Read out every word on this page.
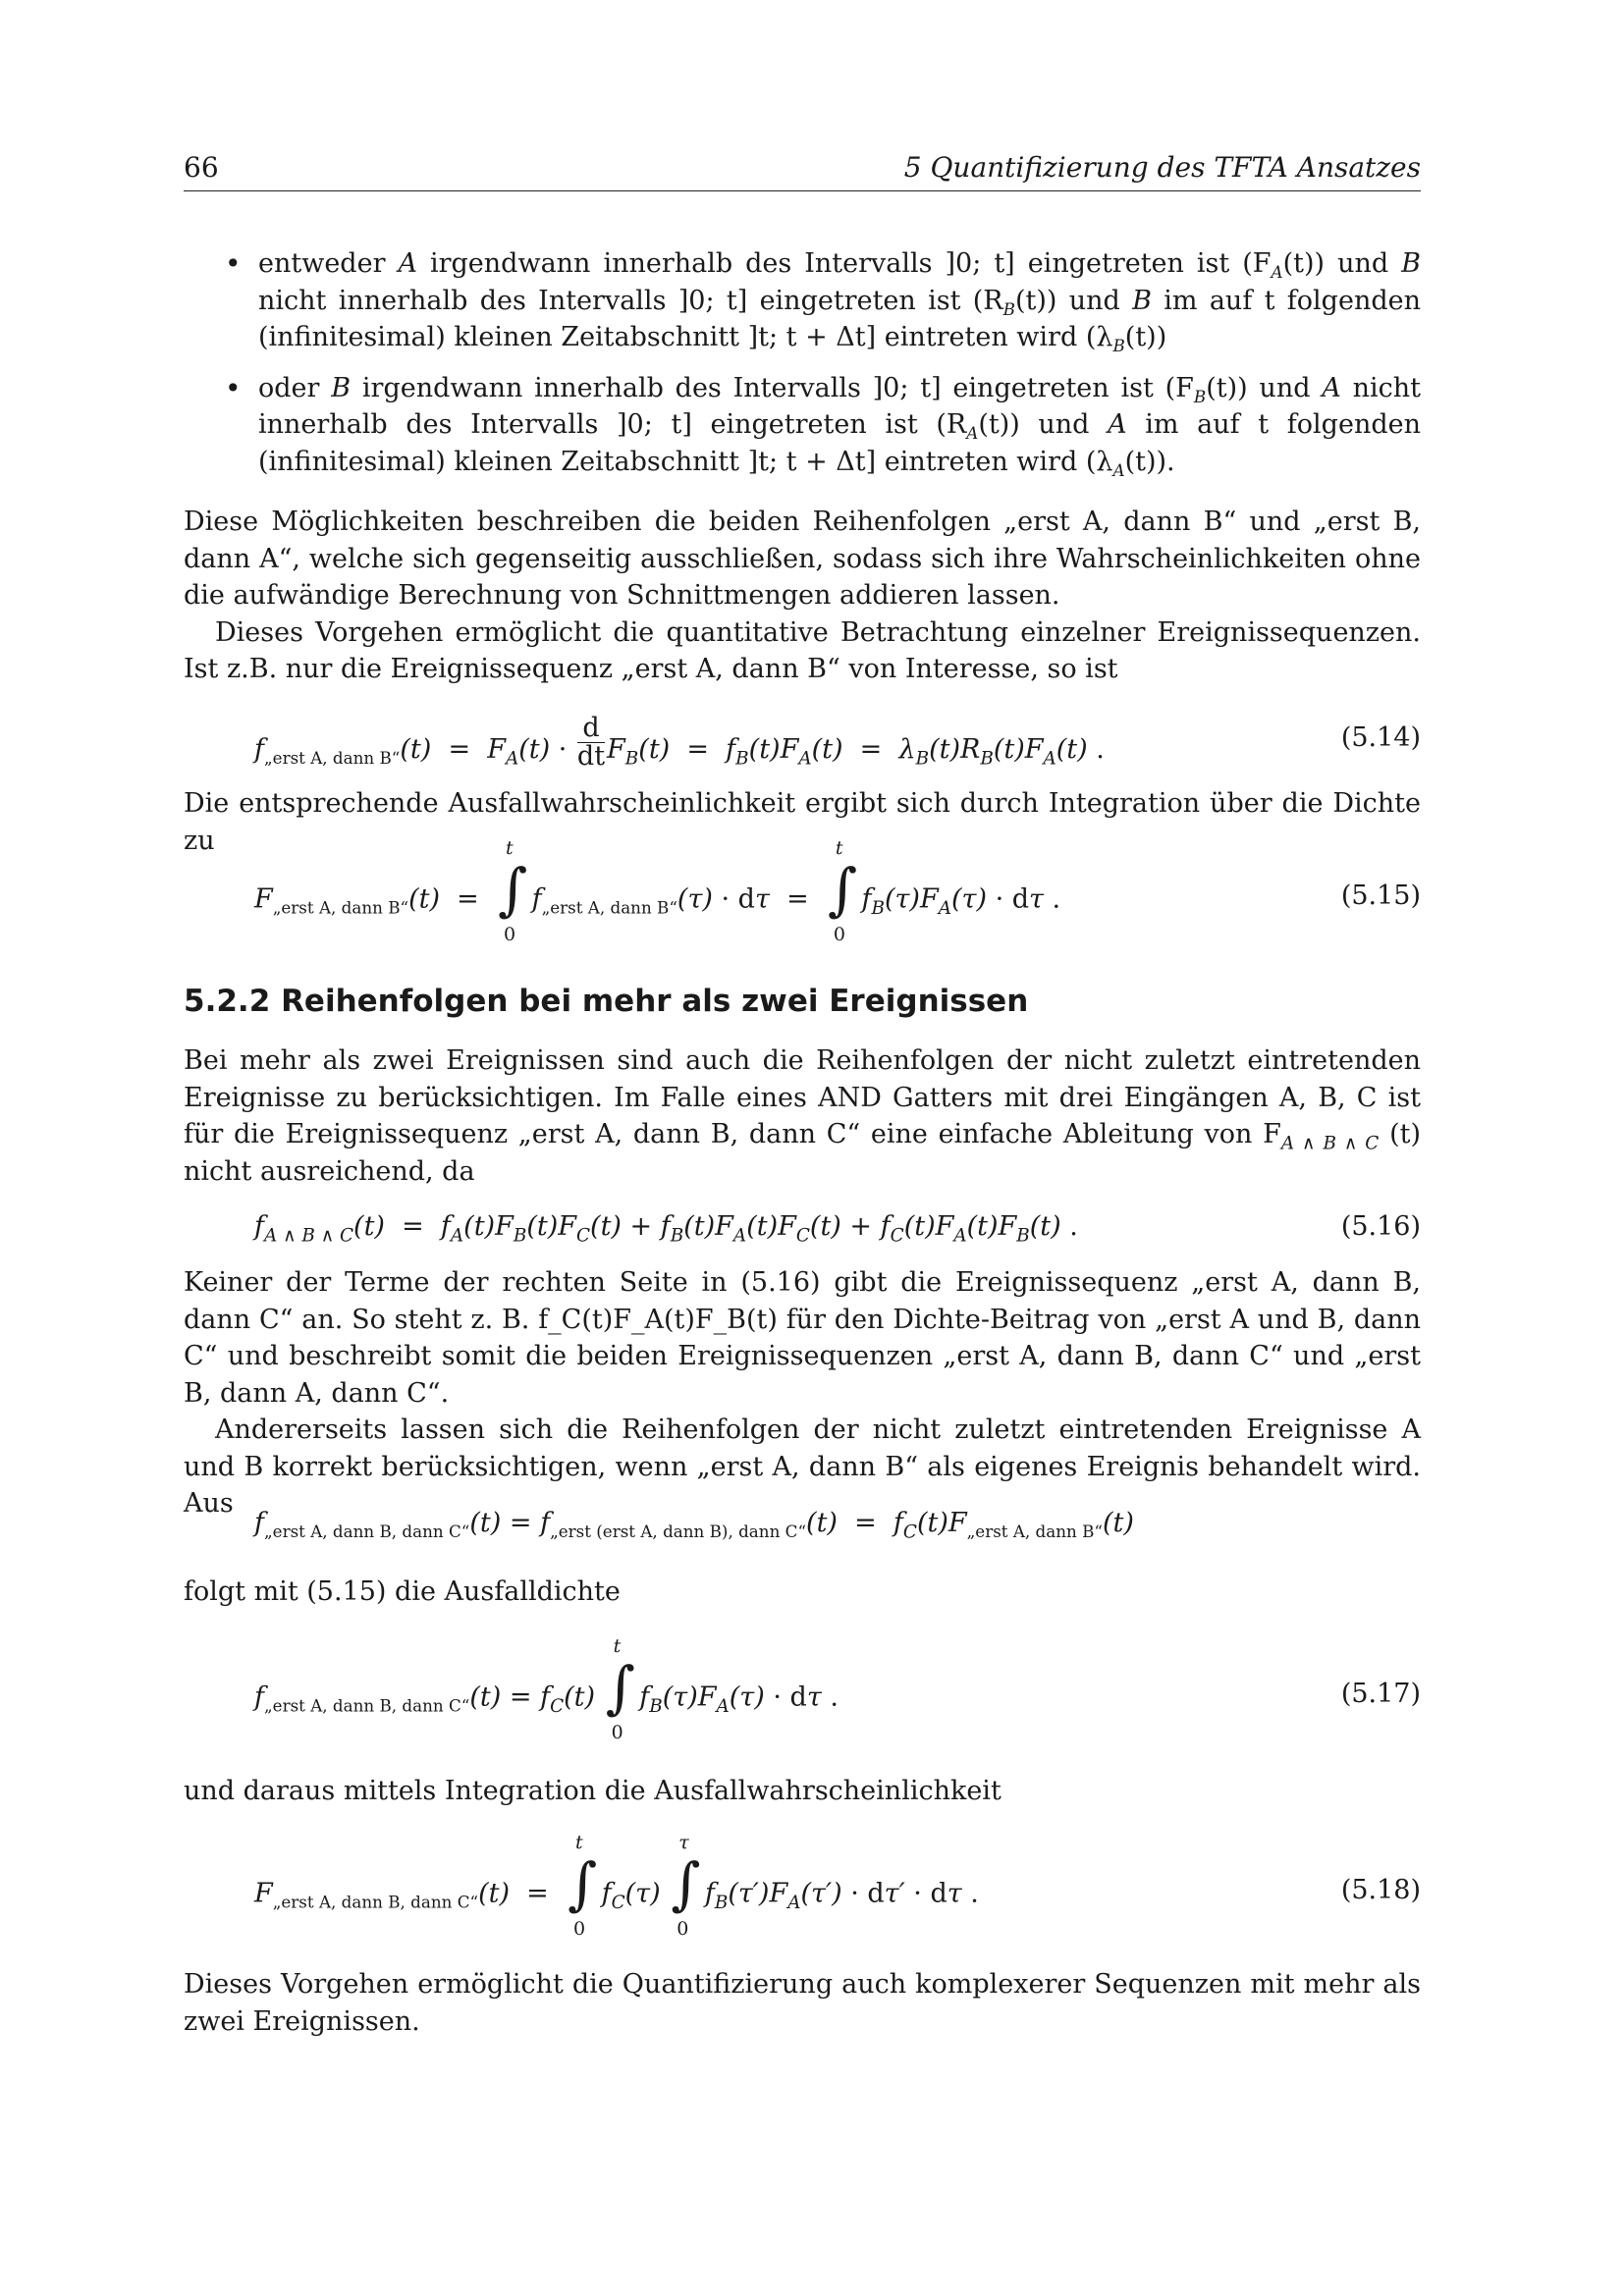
66	5 Quantifizierung des TFTA Ansatzes
• entweder A irgendwann innerhalb des Intervalls ]0; t] eingetreten ist $(F_A(t))$ und B nicht innerhalb des Intervalls ]0; t] eingetreten ist $(R_B(t))$ und B im auf t folgenden (infinitesimal) kleinen Zeitabschnitt ]t; t + Δt] eintreten wird $(\lambda_B(t))$
• oder B irgendwann innerhalb des Intervalls ]0; t] eingetreten ist $(F_B(t))$ und A nicht innerhalb des Intervalls ]0; t] eingetreten ist $(R_A(t))$ und A im auf t folgenden (infinitesimal) kleinen Zeitabschnitt ]t; t + Δt] eintreten wird $(\lambda_A(t))$.

Diese Möglichkeiten beschreiben die beiden Reihenfolgen „erst A, dann B“ und „erst B, dann A“, welche sich gegenseitig ausschließen, sodass sich ihre Wahrscheinlichkeiten ohne die aufwändige Berechnung von Schnittmengen addieren lassen.

Dieses Vorgehen ermöglicht die quantitative Betrachtung einzelner Ereignissequenzen. Ist z.B. nur die Ereignissequenz „erst A, dann B“ von Interesse, so ist

$f_{„erst A, dann B“}(t) = F_A(t) \cdot \frac{d}{dt} F_B(t) = f_B(t)F_A(t) = \lambda_B(t)R_B(t)F_A(t)$ .	(5.14)

Die entsprechende Ausfallwahrscheinlichkeit ergibt sich durch Integration über die Dichte zu

$F_{„erst A, dann B“}(t)$  = ∫
t
0
$f_{„erst A, dann B“}(\tau) \cdot d\tau$  = ∫
t
0
$f_B(\tau)F_A(\tau) \cdot d\tau$ .	(5.15)
5.2.2 Reihenfolgen bei mehr als zwei Ereignissen

Bei mehr als zwei Ereignissen sind auch die Reihenfolgen der nicht zuletzt eintretenden Ereignisse zu berücksichtigen. Im Falle eines AND Gatters mit drei Eingängen A, B, C ist für die Ereignissequenz „erst A, dann B, dann C“ eine einfache Ableitung von $F_{A \wedge B \wedge C}$ (t) nicht ausreichend, da

$f_{A \wedge B \wedge C}(t) = f_A(t)F_B(t)F_C(t) + f_B(t)F_A(t)F_C(t) + f_C(t)F_A(t)F_B(t)$ .	(5.16)

Keiner der Terme der rechten Seite in (5.16) gibt die Ereignissequenz „erst A, dann B, dann C“ an. So steht z. B. f_C(t)F_A(t)F_B(t) für den Dichte-Beitrag von „erst A und B, dann C“ und beschreibt somit die beiden Ereignissequenzen „erst A, dann B, dann C“ und „erst B, dann A, dann C“.

Andererseits lassen sich die Reihenfolgen der nicht zuletzt eintretenden Ereignisse A und B korrekt berücksichtigen, wenn „erst A, dann B“ als eigenes Ereignis behandelt wird. Aus

$f_{„erst A, dann B, dann C“}(t) = f_{„erst (erst A, dann B), dann C“}(t) = f_C(t)F_{„erst A, dann B“}(t)$

folgt mit (5.15) die Ausfalldichte

$f_{„erst A, dann B, dann C“}(t) = f_C(t)$ ∫
t
0
$f_B(\tau)F_A(\tau) \cdot d\tau$ .	(5.17)

und daraus mittels Integration die Ausfallwahrscheinlichkeit

$F_{„erst A, dann B, dann C“}(t)$  = ∫
t
0
$f_C(\tau)$ ∫
τ
0
$f_B(\tau')F_A(\tau') \cdot d\tau' \cdot d\tau$ .	(5.18)

Dieses Vorgehen ermöglicht die Quantifizierung auch komplexerer Sequenzen mit mehr als zwei Ereignissen.
